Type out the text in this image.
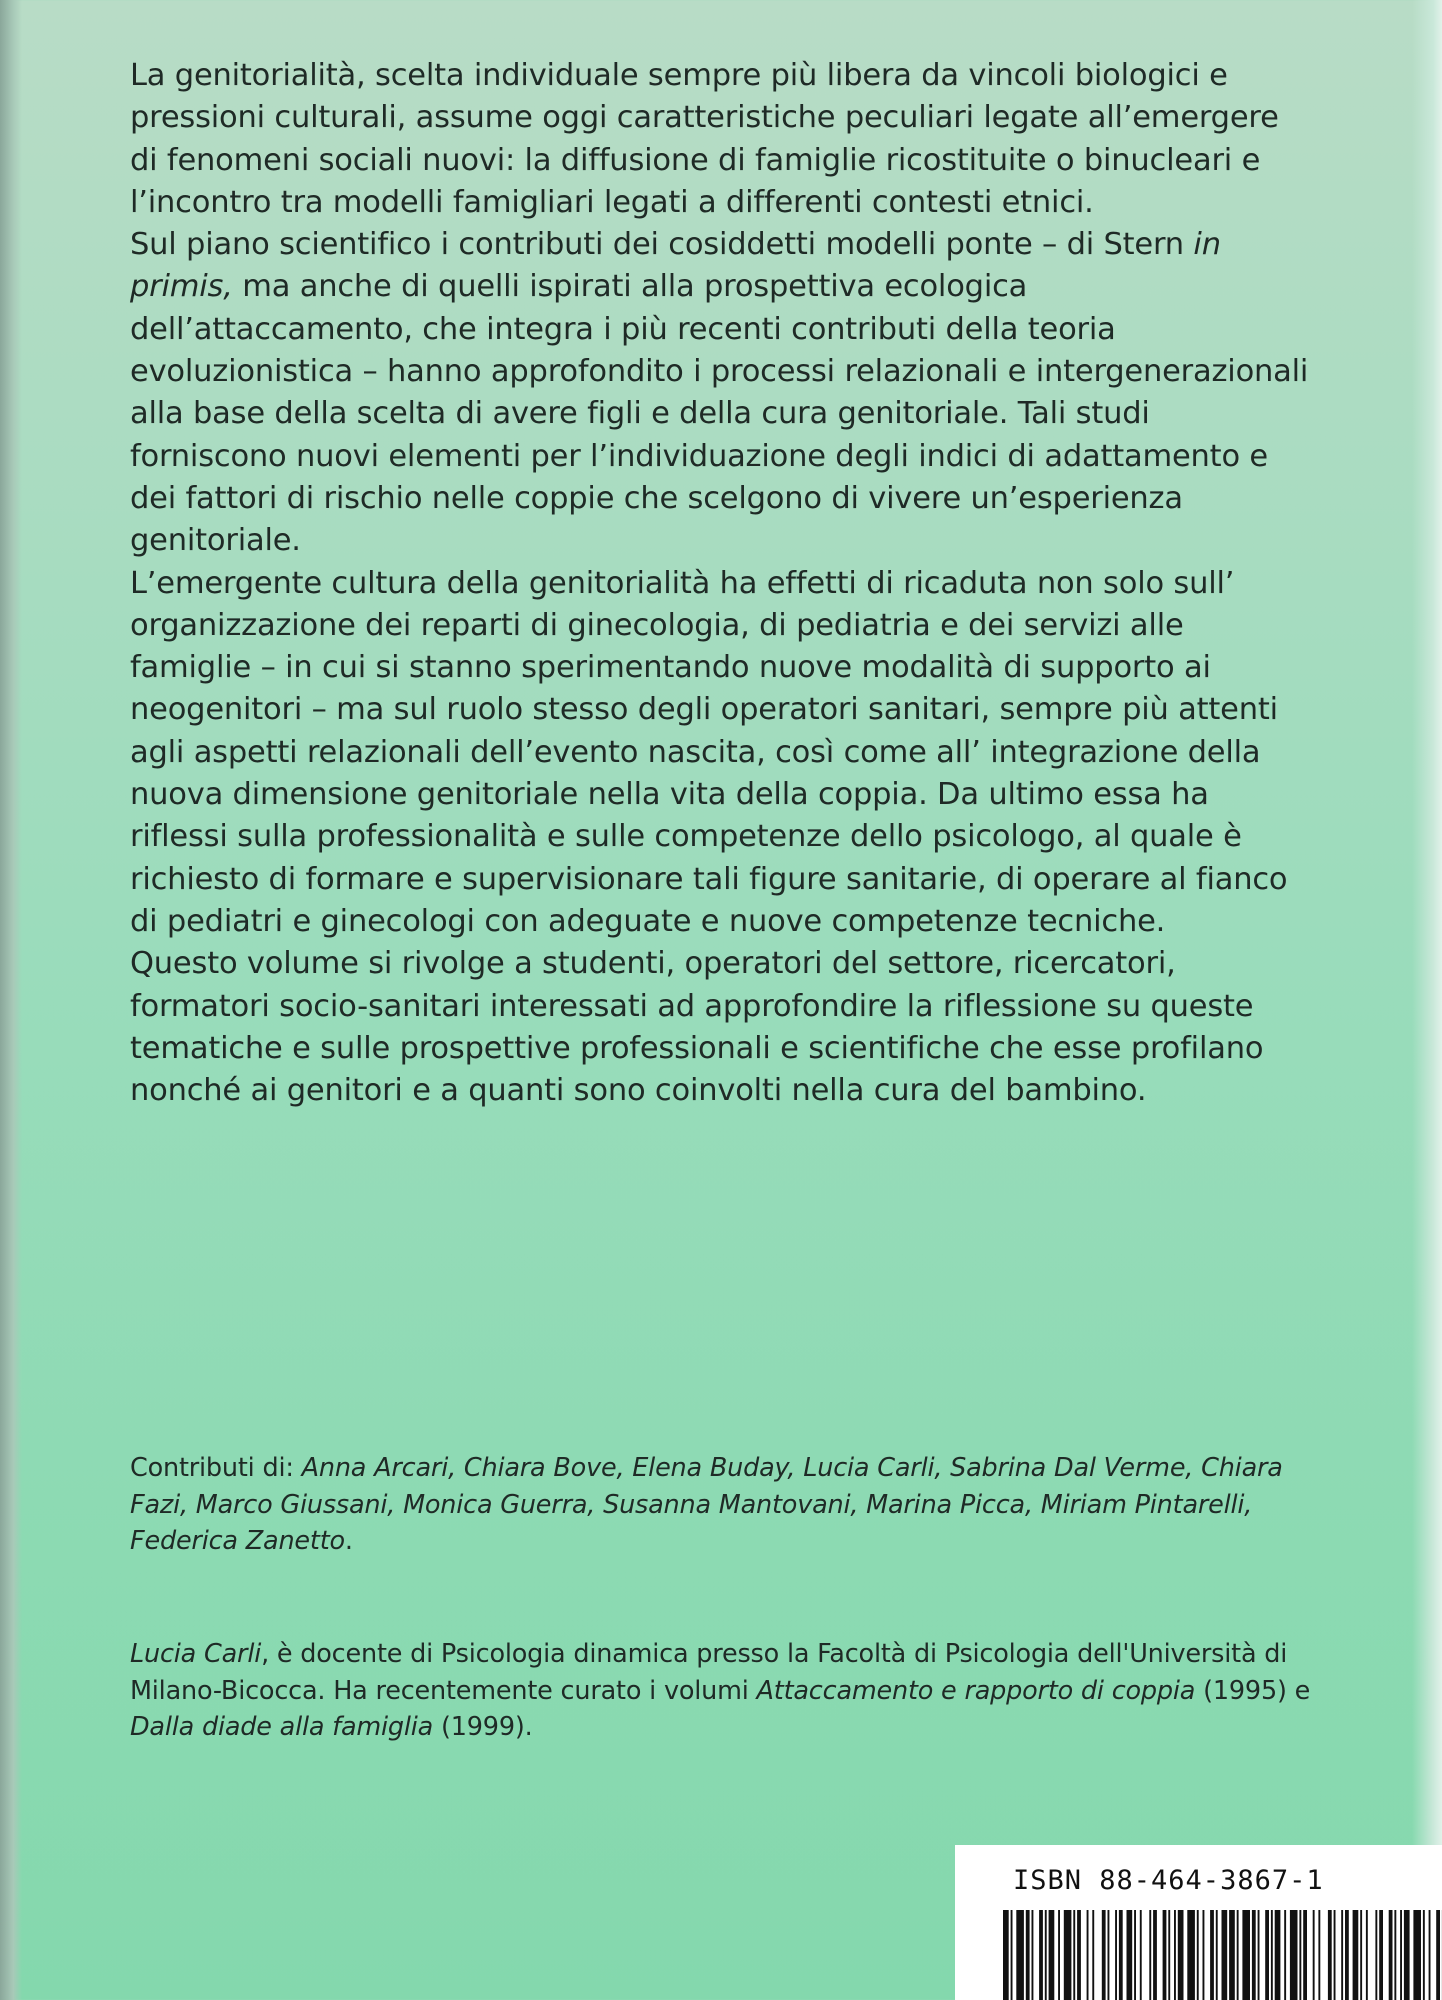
La genitorialità, scelta individuale sempre più libera da vincoli biologici e pressioni culturali, assume oggi caratteristiche peculiari legate all’emergere di fenomeni sociali nuovi: la diffusione di famiglie ricostituite o binucleari e l’incontro tra modelli famigliari legati a differenti contesti etnici.

Sul piano scientifico i contributi dei cosiddetti modelli ponte – di Stern in primis, ma anche di quelli ispirati alla prospettiva ecologica dell’attaccamento, che integra i più recenti contributi della teoria evoluzionistica – hanno approfondito i processi relazionali e intergenerazionali alla base della scelta di avere figli e della cura genitoriale. Tali studi forniscono nuovi elementi per l’individuazione degli indici di adattamento e dei fattori di rischio nelle coppie che scelgono di vivere un’esperienza genitoriale.

L’emergente cultura della genitorialità ha effetti di ricaduta non solo sull’ organizzazione dei reparti di ginecologia, di pediatria e dei servizi alle famiglie – in cui si stanno sperimentando nuove modalità di supporto ai neogenitori – ma sul ruolo stesso degli operatori sanitari, sempre più attenti agli aspetti relazionali dell’evento nascita, così come all’ integrazione della nuova dimensione genitoriale nella vita della coppia. Da ultimo essa ha riflessi sulla professionalità e sulle competenze dello psicologo, al quale è richiesto di formare e supervisionare tali figure sanitarie, di operare al fianco di pediatri e ginecologi con adeguate e nuove competenze tecniche.

Questo volume si rivolge a studenti, operatori del settore, ricercatori, formatori socio-sanitari interessati ad approfondire la riflessione su queste tematiche e sulle prospettive professionali e scientifiche che esse profilano nonché ai genitori e a quanti sono coinvolti nella cura del bambino.

Contributi di: Anna Arcari, Chiara Bove, Elena Buday, Lucia Carli, Sabrina Dal Verme, Chiara Fazi, Marco Giussani, Monica Guerra, Susanna Mantovani, Marina Picca, Miriam Pintarelli, Federica Zanetto.

Lucia Carli, è docente di Psicologia dinamica presso la Facoltà di Psicologia dell'Università di Milano-Bicocca. Ha recentemente curato i volumi Attaccamento e rapporto di coppia (1995) e Dalla diade alla famiglia (1999).

ISBN 88-464-3867-1
